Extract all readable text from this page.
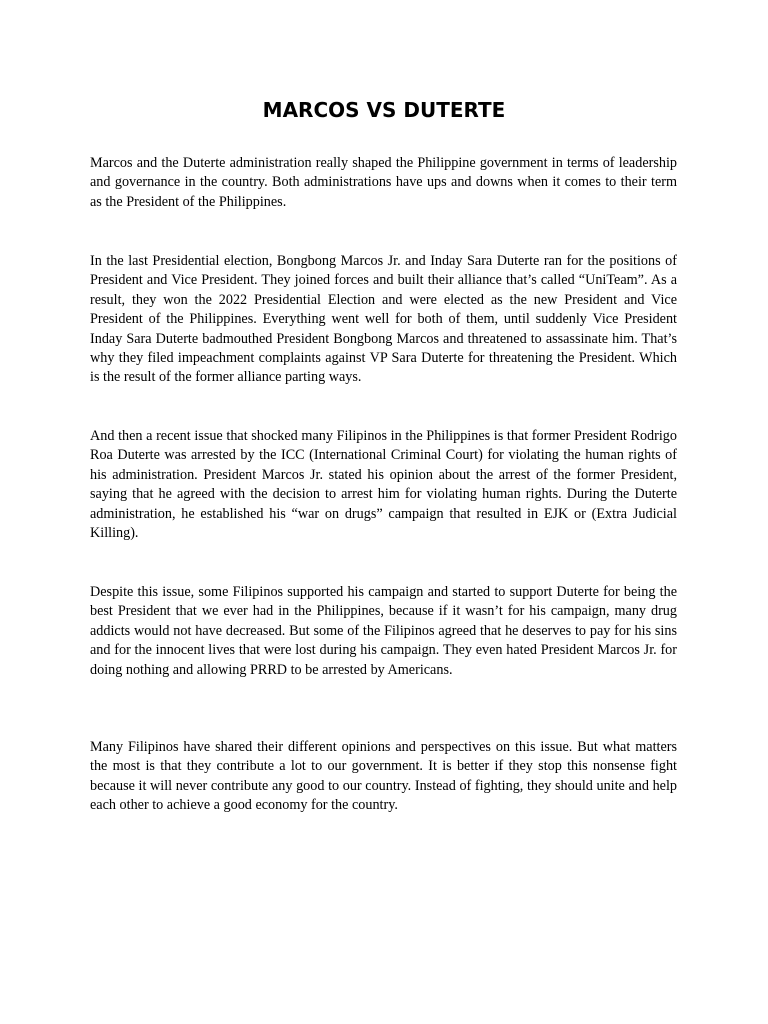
MARCOS VS DUTERTE

Marcos and the Duterte administration really shaped the Philippine government in terms of leadership and governance in the country. Both administrations have ups and downs when it comes to their term as the President of the Philippines.

In the last Presidential election, Bongbong Marcos Jr. and Inday Sara Duterte ran for the positions of President and Vice President. They joined forces and built their alliance that’s called “UniTeam”. As a result, they won the 2022 Presidential Election and were elected as the new President and Vice President of the Philippines. Everything went well for both of them, until suddenly Vice President Inday Sara Duterte badmouthed President Bongbong Marcos and threatened to assassinate him. That’s why they filed impeachment complaints against VP Sara Duterte for threatening the President. Which is the result of the former alliance parting ways.

And then a recent issue that shocked many Filipinos in the Philippines is that former President Rodrigo Roa Duterte was arrested by the ICC (International Criminal Court) for violating the human rights of his administration. President Marcos Jr. stated his opinion about the arrest of the former President, saying that he agreed with the decision to arrest him for violating human rights. During the Duterte administration, he established his “war on drugs” campaign that resulted in EJK or (Extra Judicial Killing).

Despite this issue, some Filipinos supported his campaign and started to support Duterte for being the best President that we ever had in the Philippines, because if it wasn’t for his campaign, many drug addicts would not have decreased. But some of the Filipinos agreed that he deserves to pay for his sins and for the innocent lives that were lost during his campaign. They even hated President Marcos Jr. for doing nothing and allowing PRRD to be arrested by Americans.

Many Filipinos have shared their different opinions and perspectives on this issue. But what matters the most is that they contribute a lot to our government. It is better if they stop this nonsense fight because it will never contribute any good to our country. Instead of fighting, they should unite and help each other to achieve a good economy for the country.
